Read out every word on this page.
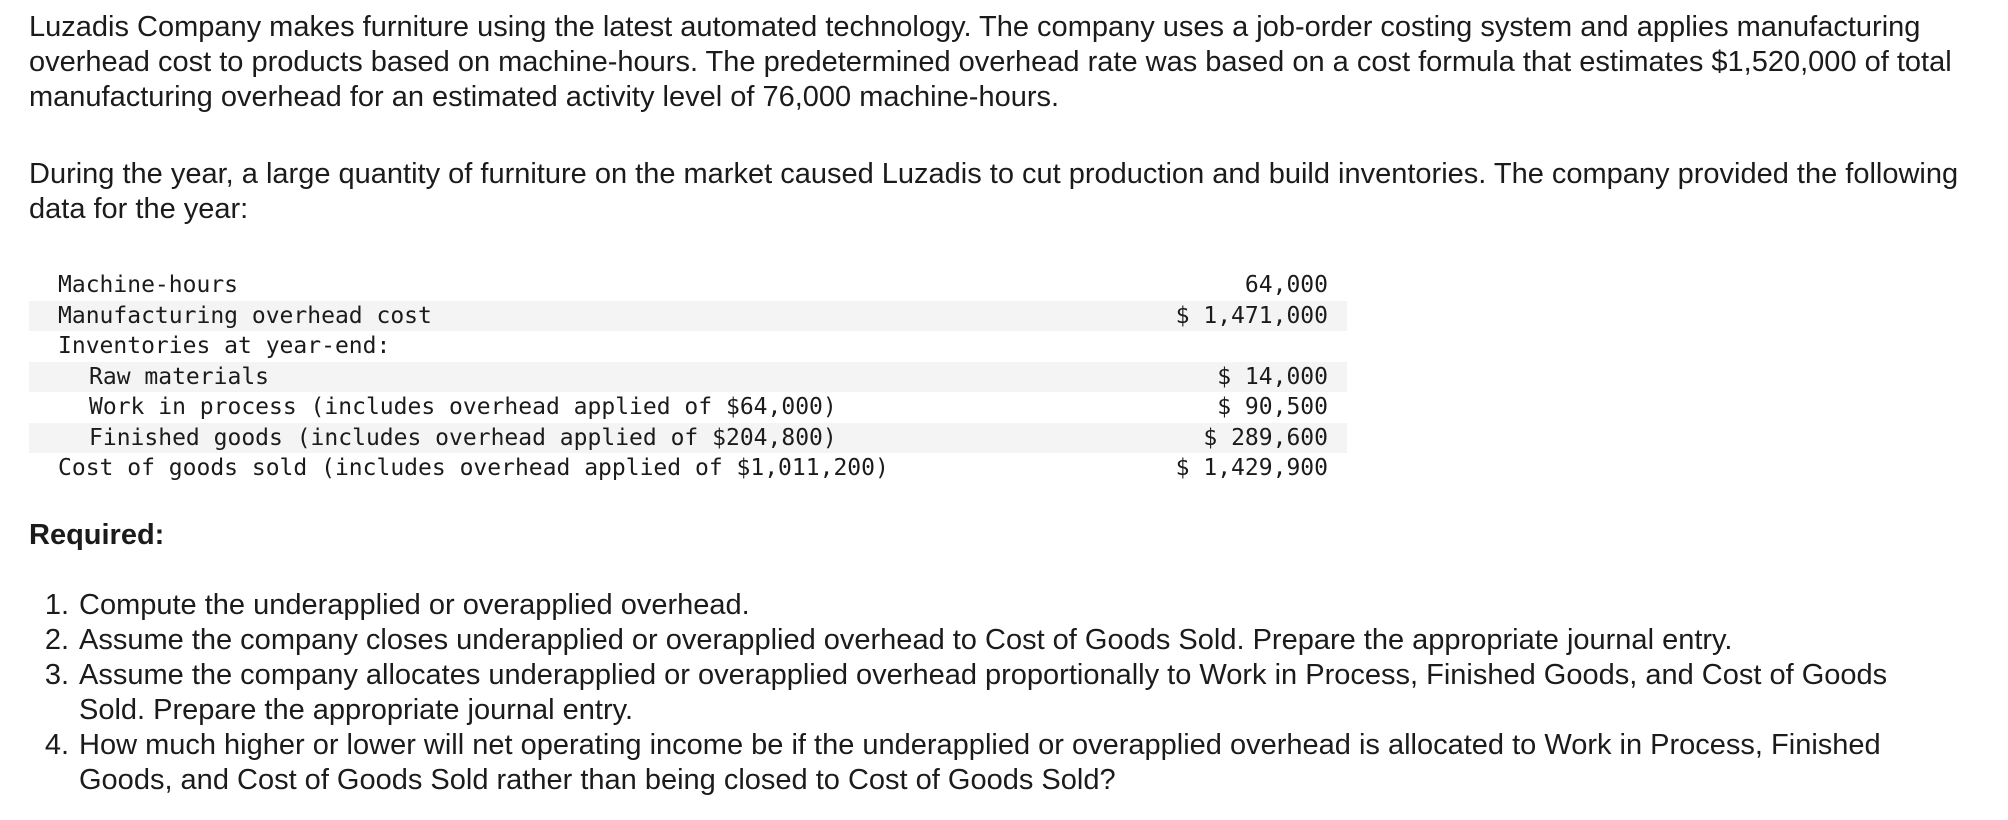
Luzadis Company makes furniture using the latest automated technology. The company uses a job-order costing system and applies manufacturing overhead cost to products based on machine-hours. The predetermined overhead rate was based on a cost formula that estimates $1,520,000 of total manufacturing overhead for an estimated activity level of 76,000 machine-hours.

During the year, a large quantity of furniture on the market caused Luzadis to cut production and build inventories. The company provided the following data for the year:

Machine-hours	64,000
Manufacturing overhead cost	$ 1,471,000
Inventories at year-end:	
Raw materials	$ 14,000
Work in process (includes overhead applied of $64,000)	$ 90,500
Finished goods (includes overhead applied of $204,800)	$ 289,600
Cost of goods sold (includes overhead applied of $1,011,200)	$ 1,429,900

Required:

1. Compute the underapplied or overapplied overhead.
2. Assume the company closes underapplied or overapplied overhead to Cost of Goods Sold. Prepare the appropriate journal entry.
3. Assume the company allocates underapplied or overapplied overhead proportionally to Work in Process, Finished Goods, and Cost of Goods Sold. Prepare the appropriate journal entry.
4. How much higher or lower will net operating income be if the underapplied or overapplied overhead is allocated to Work in Process, Finished Goods, and Cost of Goods Sold rather than being closed to Cost of Goods Sold?
